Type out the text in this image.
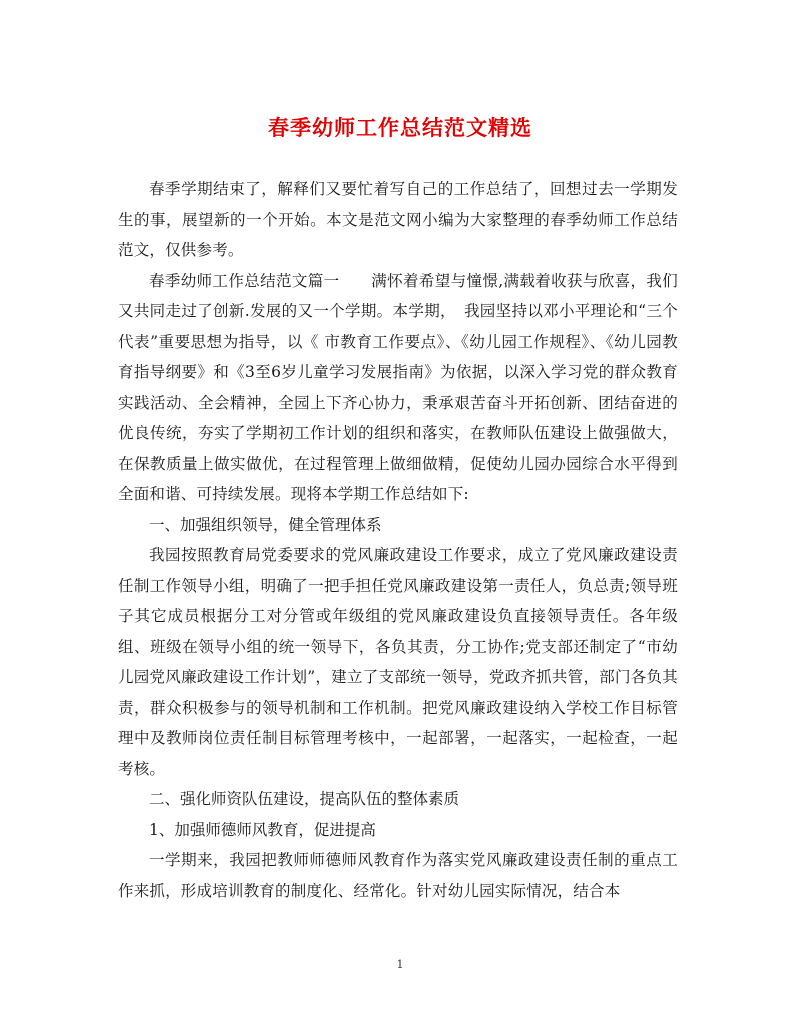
春季幼师工作总结范文精选

春季学期结束了，解释们又要忙着写自己的工作总结了，回想过去一学期发生的事，展望新的一个开始。本文是范文网小编为大家整理的春季幼师工作总结范文，仅供参考。

春季幼师工作总结范文篇一　　满怀着希望与憧憬,满载着收获与欣喜，我们又共同走过了创新.发展的又一个学期。本学期，　我园坚持以邓小平理论和“三个代表”重要思想为指导，以《 市教育工作要点》、《幼儿园工作规程》、《幼儿园教育指导纲要》和《3至6岁儿童学习发展指南》为依据，以深入学习党的群众教育实践活动、全会精神，全园上下齐心协力，秉承艰苦奋斗开拓创新、团结奋进的优良传统，夯实了学期初工作计划的组织和落实，在教师队伍建设上做强做大，在保教质量上做实做优，在过程管理上做细做精，促使幼儿园办园综合水平得到全面和谐、可持续发展。现将本学期工作总结如下:

一、加强组织领导，健全管理体系

我园按照教育局党委要求的党风廉政建设工作要求，成立了党风廉政建设责任制工作领导小组，明确了一把手担任党风廉政建设第一责任人，负总责;领导班子其它成员根据分工对分管或年级组的党风廉政建设负直接领导责任。各年级组、班级在领导小组的统一领导下，各负其责，分工协作;党支部还制定了“市幼儿园党风廉政建设工作计划”，建立了支部统一领导，党政齐抓共管，部门各负其责，群众积极参与的领导机制和工作机制。把党风廉政建设纳入学校工作目标管理中及教师岗位责任制目标管理考核中，一起部署，一起落实，一起检查，一起考核。

二、强化师资队伍建设，提高队伍的整体素质

1、加强师德师风教育，促进提高

一学期来，我园把教师师德师风教育作为落实党风廉政建设责任制的重点工作来抓，形成培训教育的制度化、经常化。针对幼儿园实际情况，结合本

1
